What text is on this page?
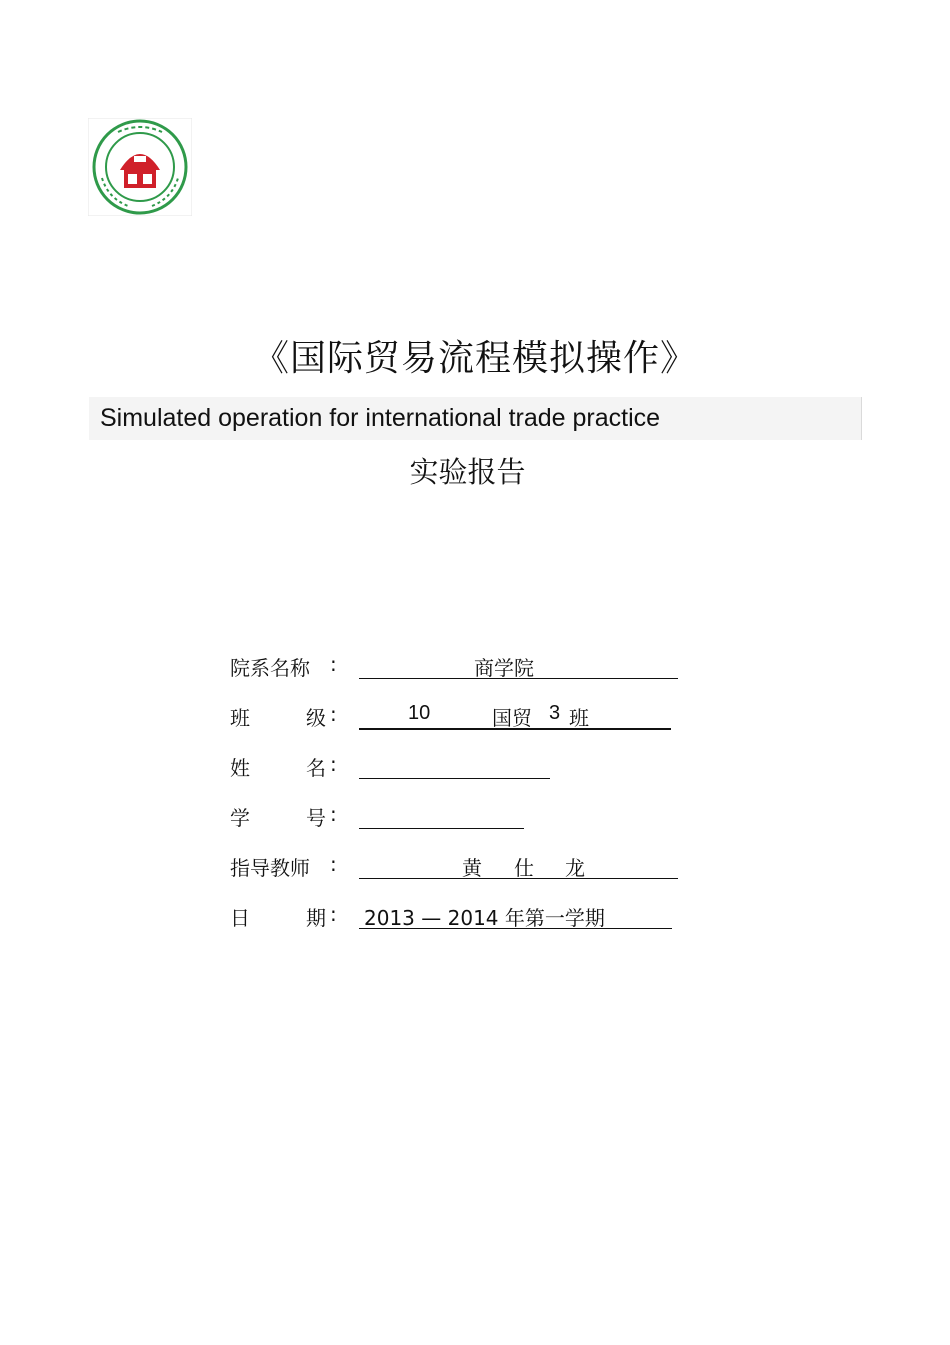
《国际贸易流程模拟操作》
Simulated operation for international trade practice
实验报告
院系名称 :	商学院
班	级 :	10	国贸 3 班
姓	名 :
学	号 :
指导教师 :	黄 仕 龙
日	期 : 2013 — 2014 年第一学期
